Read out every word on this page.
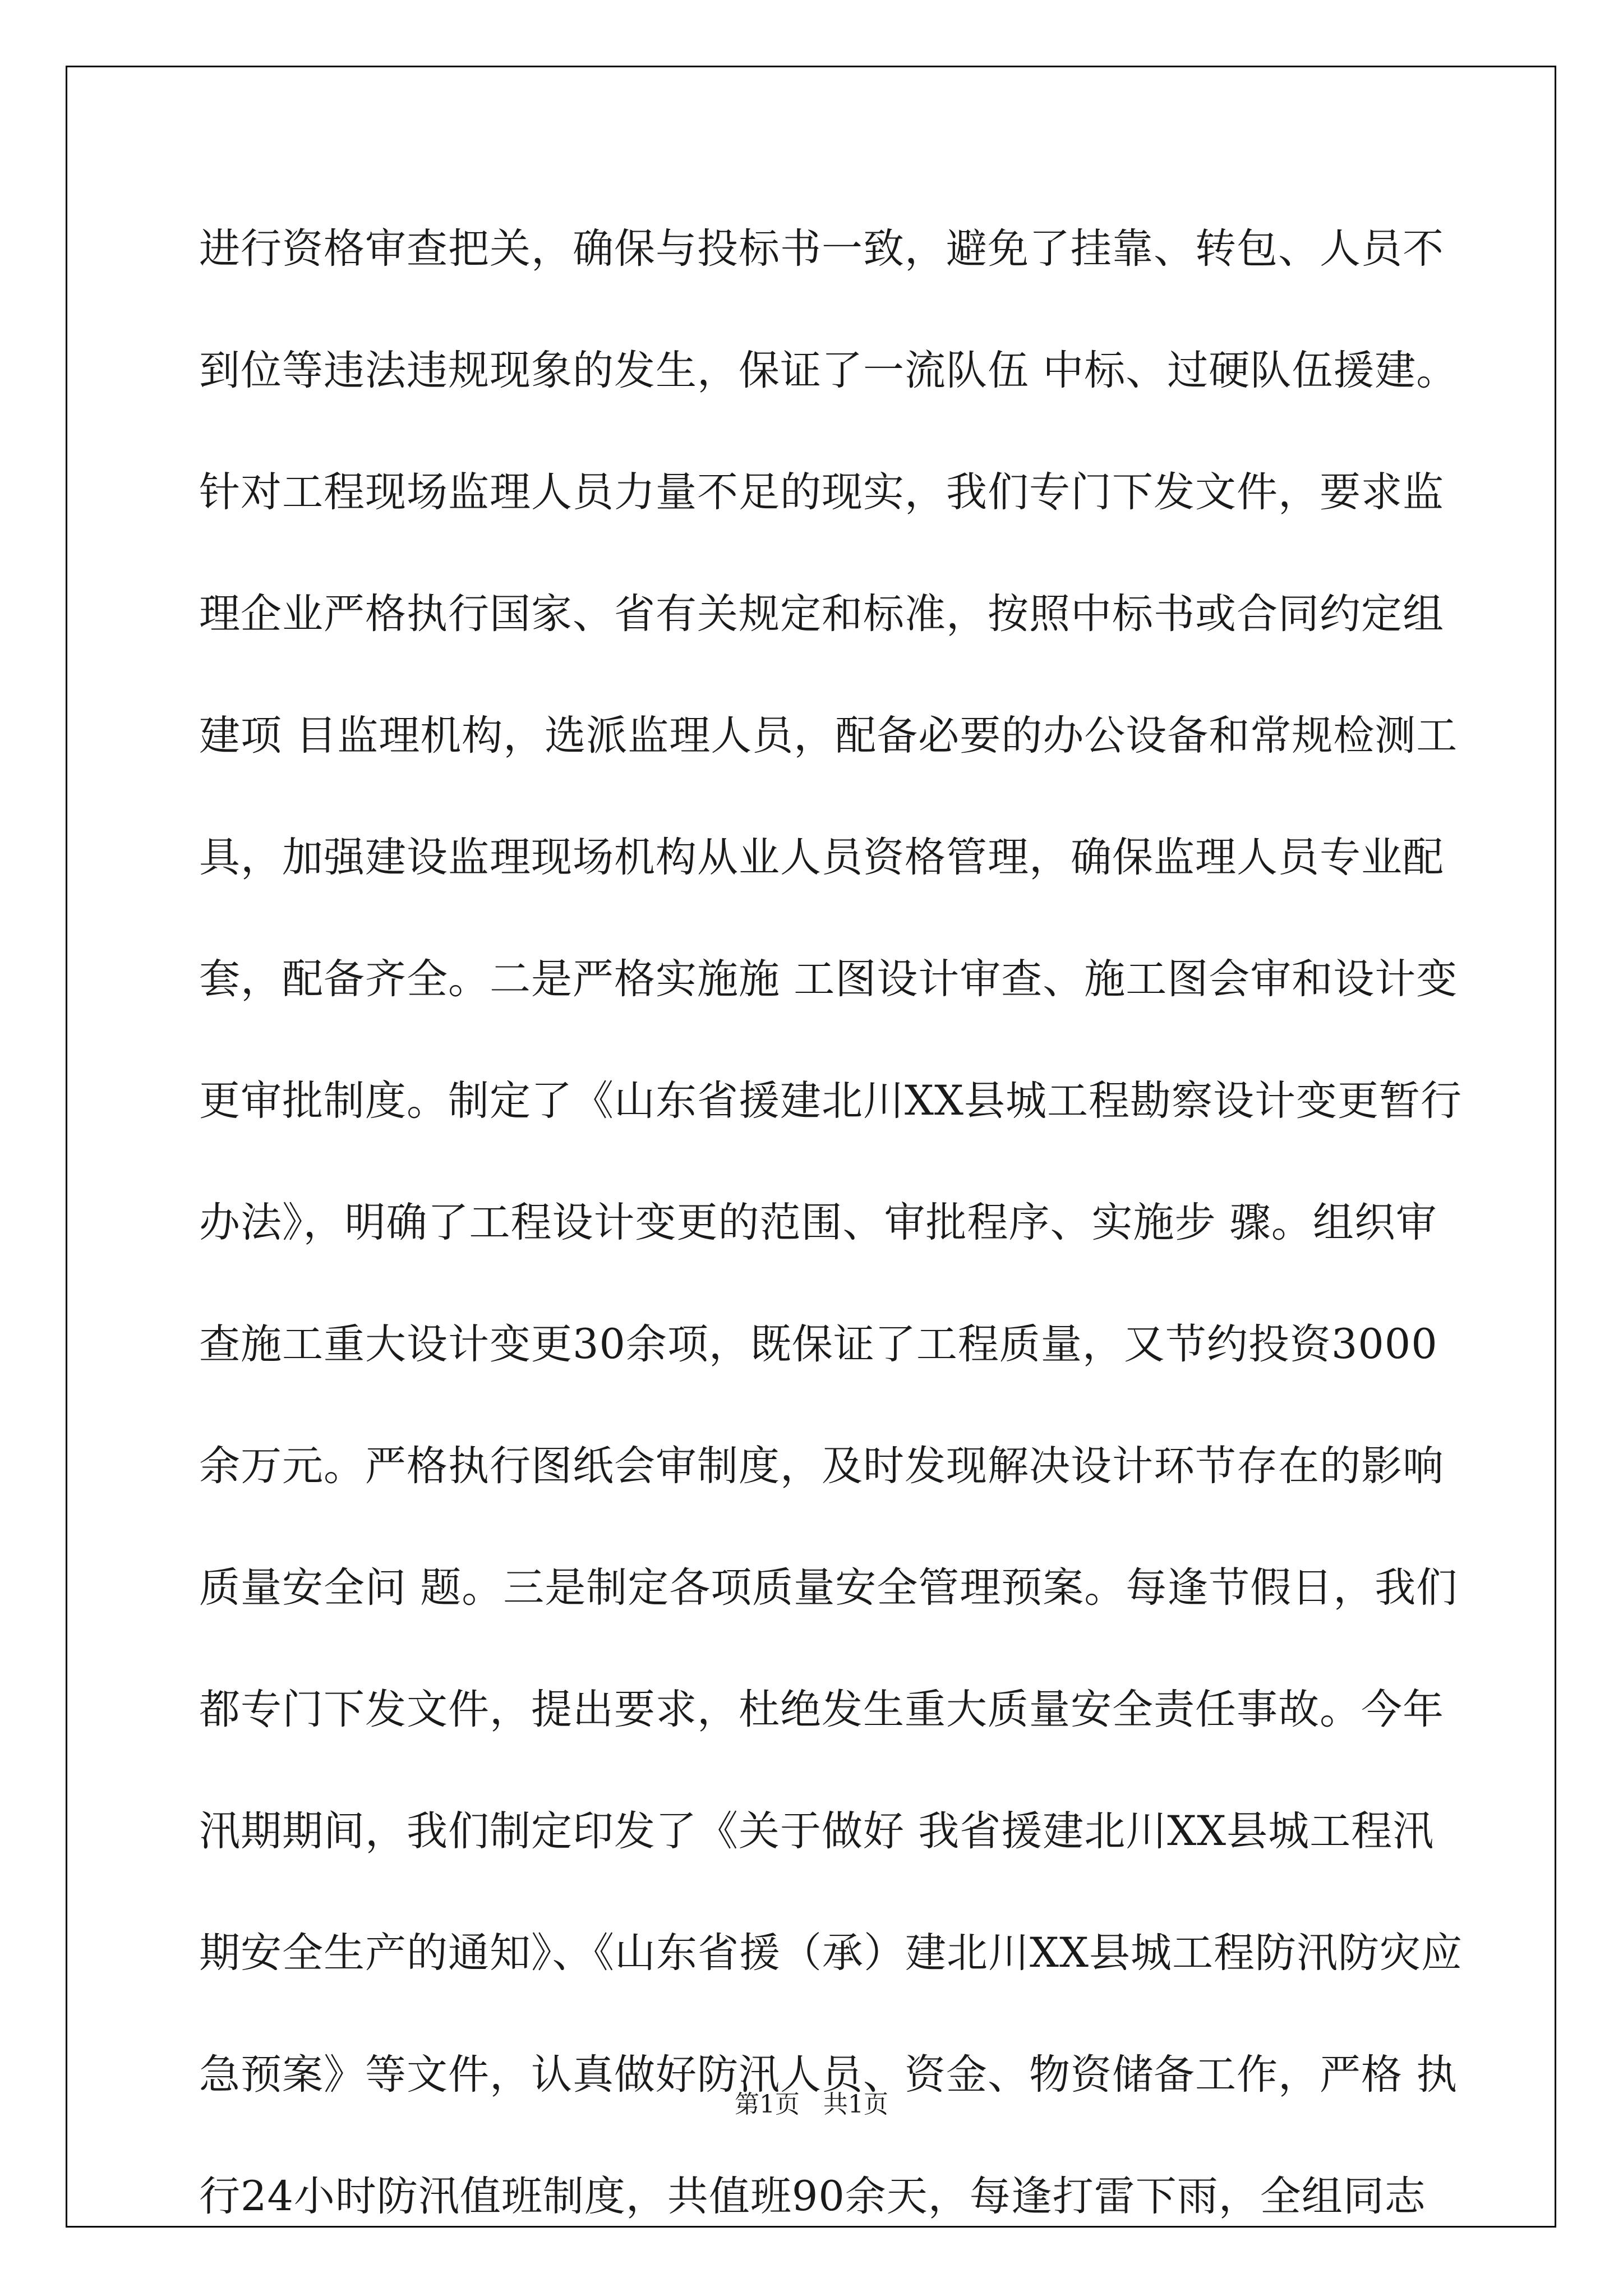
进行资格审查把关，确保与投标书一致，避免了挂靠、转包、人员不
到位等违法违规现象的发生，保证了一流队伍 中标、过硬队伍援建。
针对工程现场监理人员力量不足的现实，我们专门下发文件，要求监
理企业严格执行国家、省有关规定和标准，按照中标书或合同约定组
建项 目监理机构，选派监理人员，配备必要的办公设备和常规检测工
具，加强建设监理现场机构从业人员资格管理，确保监理人员专业配
套，配备齐全。二是严格实施施 工图设计审查、施工图会审和设计变
更审批制度。制定了《山东省援建北川XX县城工程勘察设计变更暂行
办法》，明确了工程设计变更的范围、审批程序、实施步 骤。组织审
查施工重大设计变更30余项，既保证了工程质量，又节约投资3000
余万元。严格执行图纸会审制度，及时发现解决设计环节存在的影响
质量安全问 题。三是制定各项质量安全管理预案。每逢节假日，我们
都专门下发文件，提出要求，杜绝发生重大质量安全责任事故。今年
汛期期间，我们制定印发了《关于做好 我省援建北川XX县城工程汛
期安全生产的通知》、《山东省援（承）建北川XX县城工程防汛防灾应
急预案》等文件，认真做好防汛人员、资金、物资储备工作，严格 执
行24小时防汛值班制度，共值班90余天，每逢打雷下雨，全组同志
第1页   共1页
